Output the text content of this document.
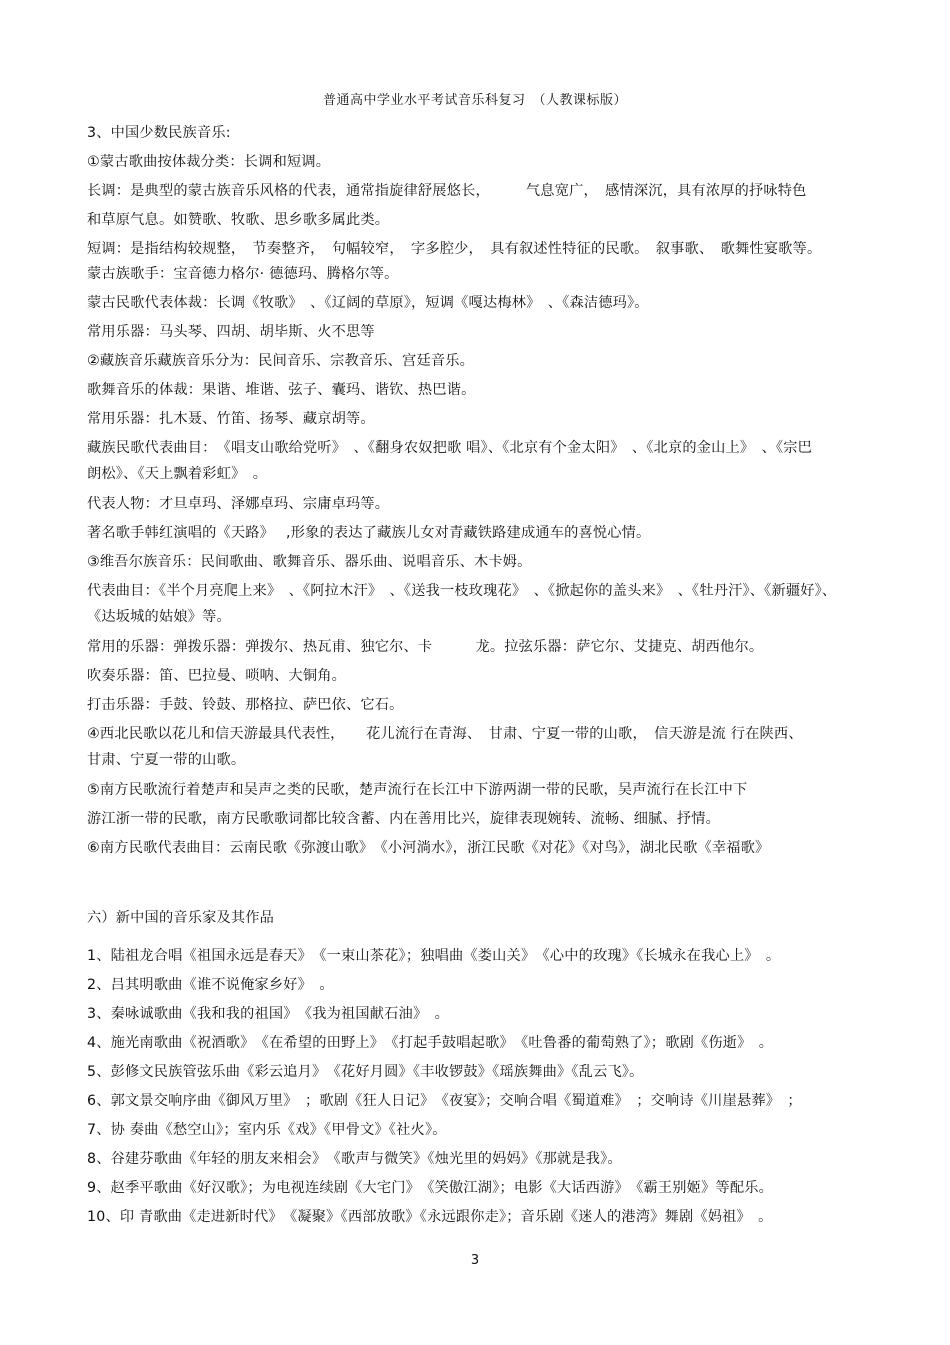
普通高中学业水平考试音乐科复习　（人教课标版）
3、中国少数民族音乐:
①蒙古歌曲按体裁分类：长调和短调。
长调：是典型的蒙古族音乐风格的代表，通常指旋律舒展悠长，　　　气息宽广，　感情深沉，具有浓厚的抒咏特色
和草原气息。如赞歌、牧歌、思乡歌多属此类。
短调：是指结构较规整，　节奏整齐，　句幅较窄，　字多腔少，　具有叙述性特征的民歌。　叙事歌、　歌舞性宴歌等。
蒙古族歌手：宝音德力格尔· 德德玛、腾格尔等。
蒙古民歌代表体裁：长调《牧歌》　、《辽阔的草原》，短调《嘎达梅林》　、《森洁德玛》。
常用乐器：马头琴、四胡、胡毕斯、火不思等
②藏族音乐藏族音乐分为：民间音乐、宗教音乐、宫廷音乐。
歌舞音乐的体裁：果谐、堆谐、弦子、囊玛、谐钦、热巴谐。
常用乐器：扎木聂、竹笛、扬琴、藏京胡等。
藏族民歌代表曲目：　《唱支山歌给党听》　、《翻身农奴把歌 唱》、《北京有个金太阳》　、《北京的金山上》　、《宗巴
朗松》、《天上飘着彩虹》　。
代表人物：才旦卓玛、泽娜卓玛、宗庸卓玛等。
著名歌手韩红演唱的《天路》　 ,形象的表达了藏族儿女对青藏铁路建成通车的喜悦心情。
③维吾尔族音乐：民间歌曲、歌舞音乐、器乐曲、说唱音乐、木卡姆。
代表曲目：《半个月亮爬上来》　、《阿拉木汗》　、《送我一枝玫瑰花》　、《掀起你的盖头来》　、《牡丹汗》、《新疆好》、
《达坂城的姑娘》等。
常用的乐器：弹拨乐器：弹拨尔、热瓦甫、独它尔、卡　　　龙。拉弦乐器：萨它尔、艾捷克、胡西他尔。
吹奏乐器：笛、巴拉曼、唢呐、大铜角。
打击乐器：手鼓、铃鼓、那格拉、萨巴依、它石。
④西北民歌以花儿和信天游最具代表性，　　花儿流行在青海、　甘肃、宁夏一带的山歌，　信天游是流 行在陕西、
甘肃、宁夏一带的山歌。
⑤南方民歌流行着楚声和吴声之类的民歌，楚声流行在长江中下游两湖一带的民歌，吴声流行在长江中下
游江浙一带的民歌，南方民歌歌词都比较含蓄、内在善用比兴，旋律表现婉转、流畅、细腻、抒情。
⑥南方民歌代表曲目：云南民歌《弥渡山歌》　《小河淌水》，浙江民歌《对花》《对鸟》，湖北民歌《幸福歌》
六）新中国的音乐家及其作品
1、陆祖龙合唱《祖国永远是春天》　《一束山茶花》；独唱曲《娄山关》　《心中的玫瑰》《长城永在我心上》　。
2、吕其明歌曲《谁不说俺家乡好》　。
3、秦咏诚歌曲《我和我的祖国》　《我为祖国献石油》　。
4、施光南歌曲《祝酒歌》　《在希望的田野上》　《打起手鼓唱起歌》　《吐鲁番的葡萄熟了》；歌剧《伤逝》　。
5、彭修文民族管弦乐曲《彩云追月》　《花好月圆》《丰收锣鼓》《瑶族舞曲》《乱云飞》。
6、郭文景交响序曲《御风万里》　；歌剧《狂人日记》　《夜宴》；交响合唱《蜀道难》　；交响诗《川崖悬葬》　；
7、协 奏曲《愁空山》；室内乐《戏》《甲骨文》《社火》。
8、谷建芬歌曲《年轻的朋友来相会》　《歌声与微笑》《烛光里的妈妈》《那就是我》。
9、赵季平歌曲《好汉歌》；为电视连续剧《大宅门》　《笑傲江湖》；电影《大话西游》　《霸王别姬》等配乐。
10、印 青歌曲《走进新时代》　《凝聚》《西部放歌》《永远跟你走》；音乐剧《迷人的港湾》舞剧《妈祖》　。
3
